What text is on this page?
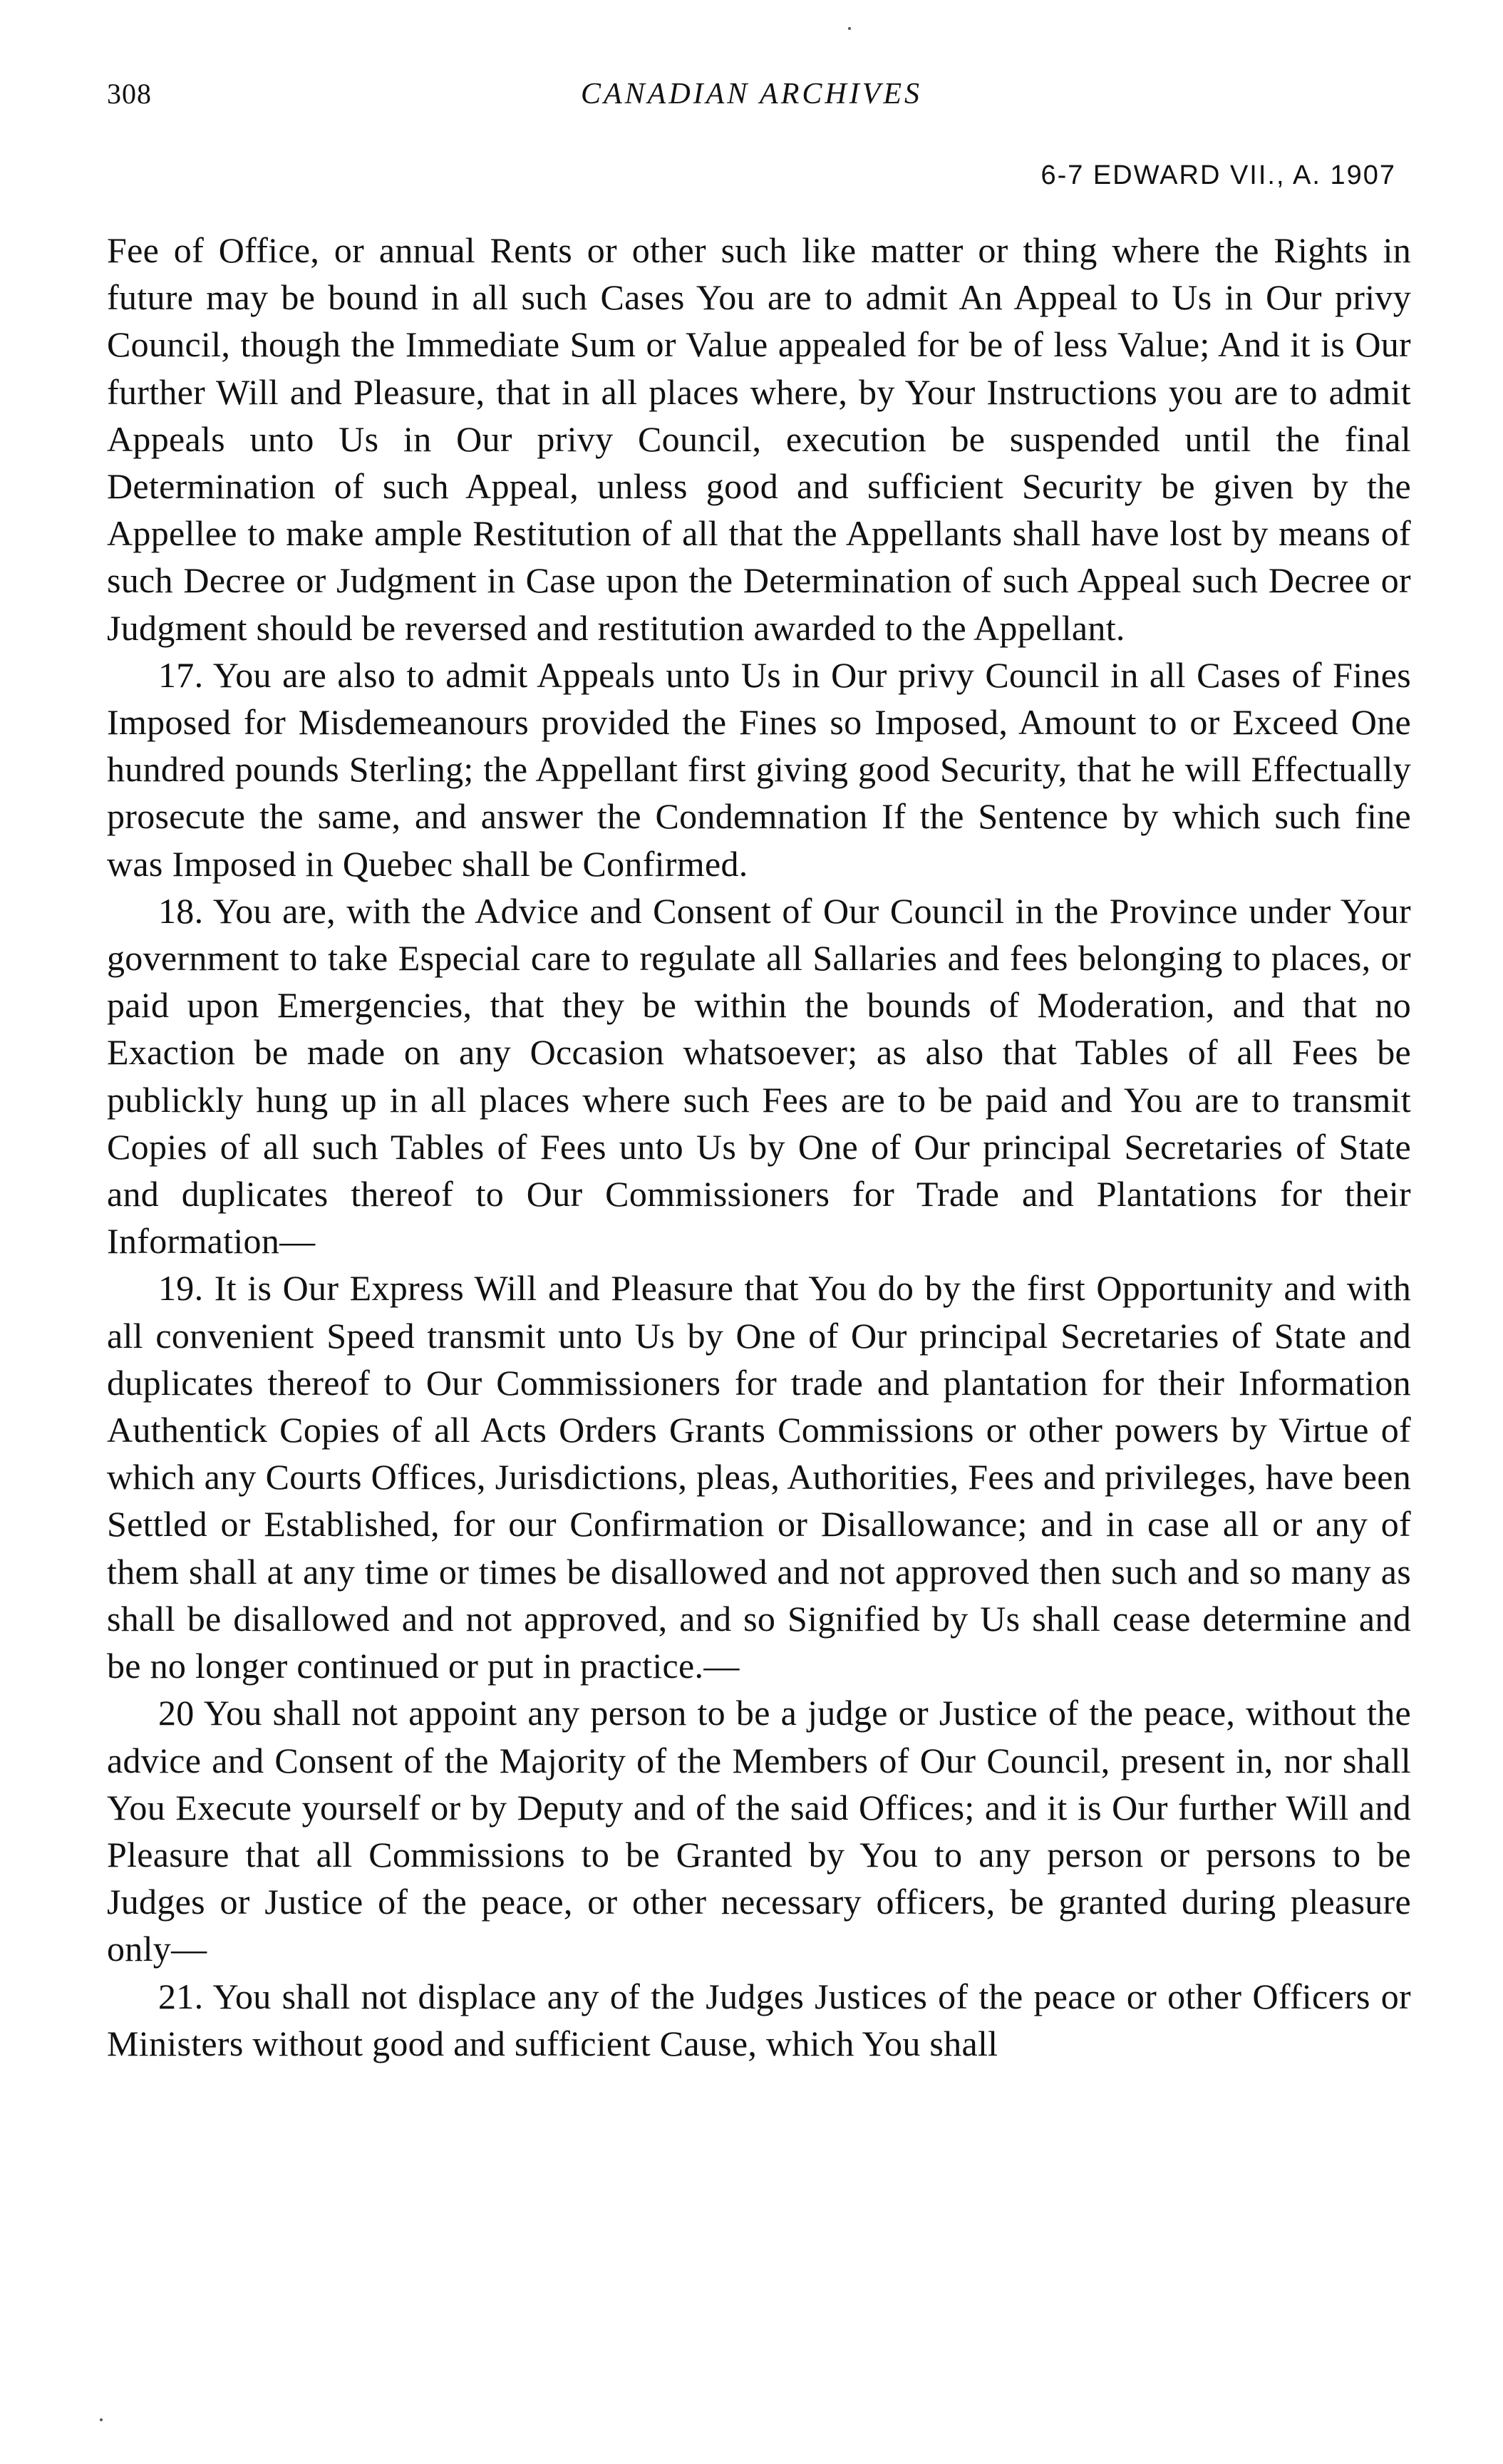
308	CANADIAN ARCHIVES
6-7 EDWARD VII., A. 1907

Fee of Office, or annual Rents or other such like matter or thing where the Rights in future may be bound in all such Cases You are to admit An Appeal to Us in Our privy Council, though the Immediate Sum or Value appealed for be of less Value; And it is Our further Will and Pleasure, that in all places where, by Your Instructions you are to admit Appeals unto Us in Our privy Council, execution be suspended until the final Determination of such Appeal, unless good and sufficient Security be given by the Appellee to make ample Restitution of all that the Appellants shall have lost by means of such Decree or Judgment in Case upon the Determination of such Appeal such Decree or Judgment should be reversed and restitution awarded to the Appellant.

17. You are also to admit Appeals unto Us in Our privy Council in all Cases of Fines Imposed for Misdemeanours provided the Fines so Imposed, Amount to or Exceed One hundred pounds Sterling; the Appellant first giving good Security, that he will Effectually prosecute the same, and answer the Condemnation If the Sentence by which such fine was Imposed in Quebec shall be Confirmed.

18. You are, with the Advice and Consent of Our Council in the Province under Your government to take Especial care to regulate all Sallaries and fees belonging to places, or paid upon Emergencies, that they be within the bounds of Moderation, and that no Exaction be made on any Occasion whatsoever; as also that Tables of all Fees be publickly hung up in all places where such Fees are to be paid and You are to transmit Copies of all such Tables of Fees unto Us by One of Our principal Secretaries of State and duplicates thereof to Our Commissioners for Trade and Plantations for their Information—

19. It is Our Express Will and Pleasure that You do by the first Opportunity and with all convenient Speed transmit unto Us by One of Our principal Secretaries of State and duplicates thereof to Our Commissioners for trade and plantation for their Information Authentick Copies of all Acts Orders Grants Commissions or other powers by Virtue of which any Courts Offices, Jurisdictions, pleas, Authorities, Fees and privileges, have been Settled or Established, for our Confirmation or Disallowance; and in case all or any of them shall at any time or times be disallowed and not approved then such and so many as shall be disallowed and not approved, and so Signified by Us shall cease determine and be no longer continued or put in practice.—

20 You shall not appoint any person to be a judge or Justice of the peace, without the advice and Consent of the Majority of the Members of Our Council, present in, nor shall You Execute yourself or by Deputy and of the said Offices; and it is Our further Will and Pleasure that all Commissions to be Granted by You to any person or persons to be Judges or Justice of the peace, or other necessary officers, be granted during pleasure only—

21. You shall not displace any of the Judges Justices of the peace or other Officers or Ministers without good and sufficient Cause, which You shall
